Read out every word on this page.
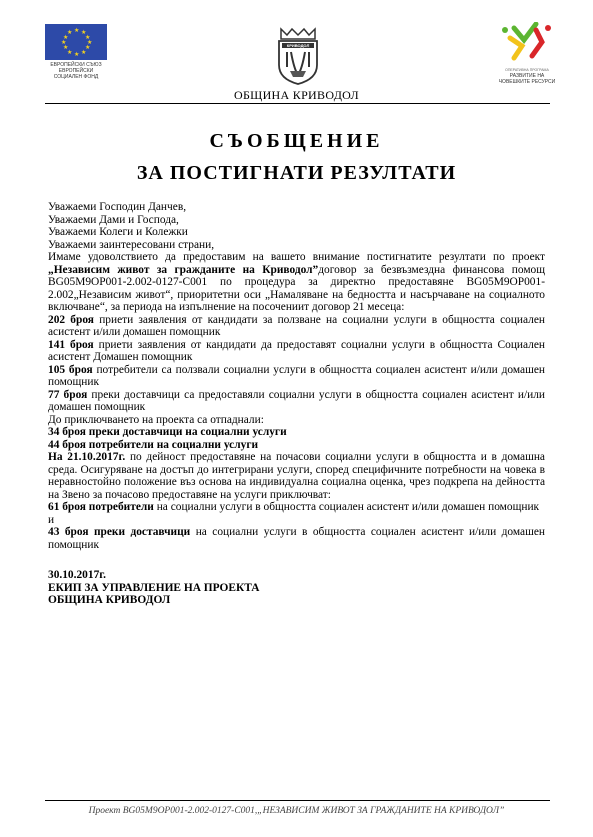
★ ★
★
★
★
★
★
★
★
★
★
★
ЕВРОПЕЙСКИ СЪЮЗ
ЕВРОПЕЙСКИ
СОЦИАЛЕН ФОНД
КРИВОДОЛ
ОБЩИНА КРИВОДОЛ
ОПЕРАТИВНА ПРОГРАМА
РАЗВИТИЕ НА
ЧОВЕШКИТЕ РЕСУРСИ
СЪОБЩЕНИЕ
ЗА ПОСТИГНАТИ РЕЗУЛТАТИ

Уважаеми Господин Данчев,

Уважаеми Дами и Господа,

Уважаеми Колеги и Колежки

Уважаеми заинтересовани страни,

Имаме удоволствието да предоставим на вашето внимание постигнатите резултати по проект „Независим живот за гражданите на Криводол”договор за безвъзмездна финансова помощ BG05M9OP001-2.002-0127-C001 по процедура за директно предоставяне BG05M9OP001-2.002„Независим живот“, приоритетни оси „Намаляване на бедността и насърчаване на социалното включване“, за периода на изпълнение на посочениит договор 21 месеца:

202 броя приети заявления от кандидати за ползване на социални услуги в общността социален асистент и/или домашен помощник

141 броя приети заявления от кандидати да предоставят социални услуги в общността Социален асистент Домашен помощник

105 броя потребители са ползвали социални услуги в общността социален асистент и/или домашен помощник

77 броя преки доставчици са предоставяли социални услуги в общността социален асистент и/или домашен помощник

До приключването на проекта са отпаднали:

34 броя преки доставчици на социални услуги

44 броя потребители на социални услуги

На 21.10.2017г. по дейност предоставяне на почасови социални услуги в общността и в домашна среда. Осигуряване на достъп до интегрирани услуги, според специфичните потребности на човека в неравностойно положение въз основа на индивидуална социална оценка, чрез подкрепа на дейността на Звено за почасово предоставяне на услуги приключват:

61 броя потребители на социални услуги в общността социален асистент и/или домашен помощник

и

43 броя преки доставчици на социални услуги в общността социален асистент и/или домашен помощник

30.10.2017г.

ЕКИП ЗА УПРАВЛЕНИЕ НА ПРОЕКТА

ОБЩИНА КРИВОДОЛ

Проект BG05M9OP001-2.002-0127-C001,„НЕЗАВИСИМ ЖИВОТ ЗА ГРАЖДАНИТЕ НА КРИВОДОЛ”
